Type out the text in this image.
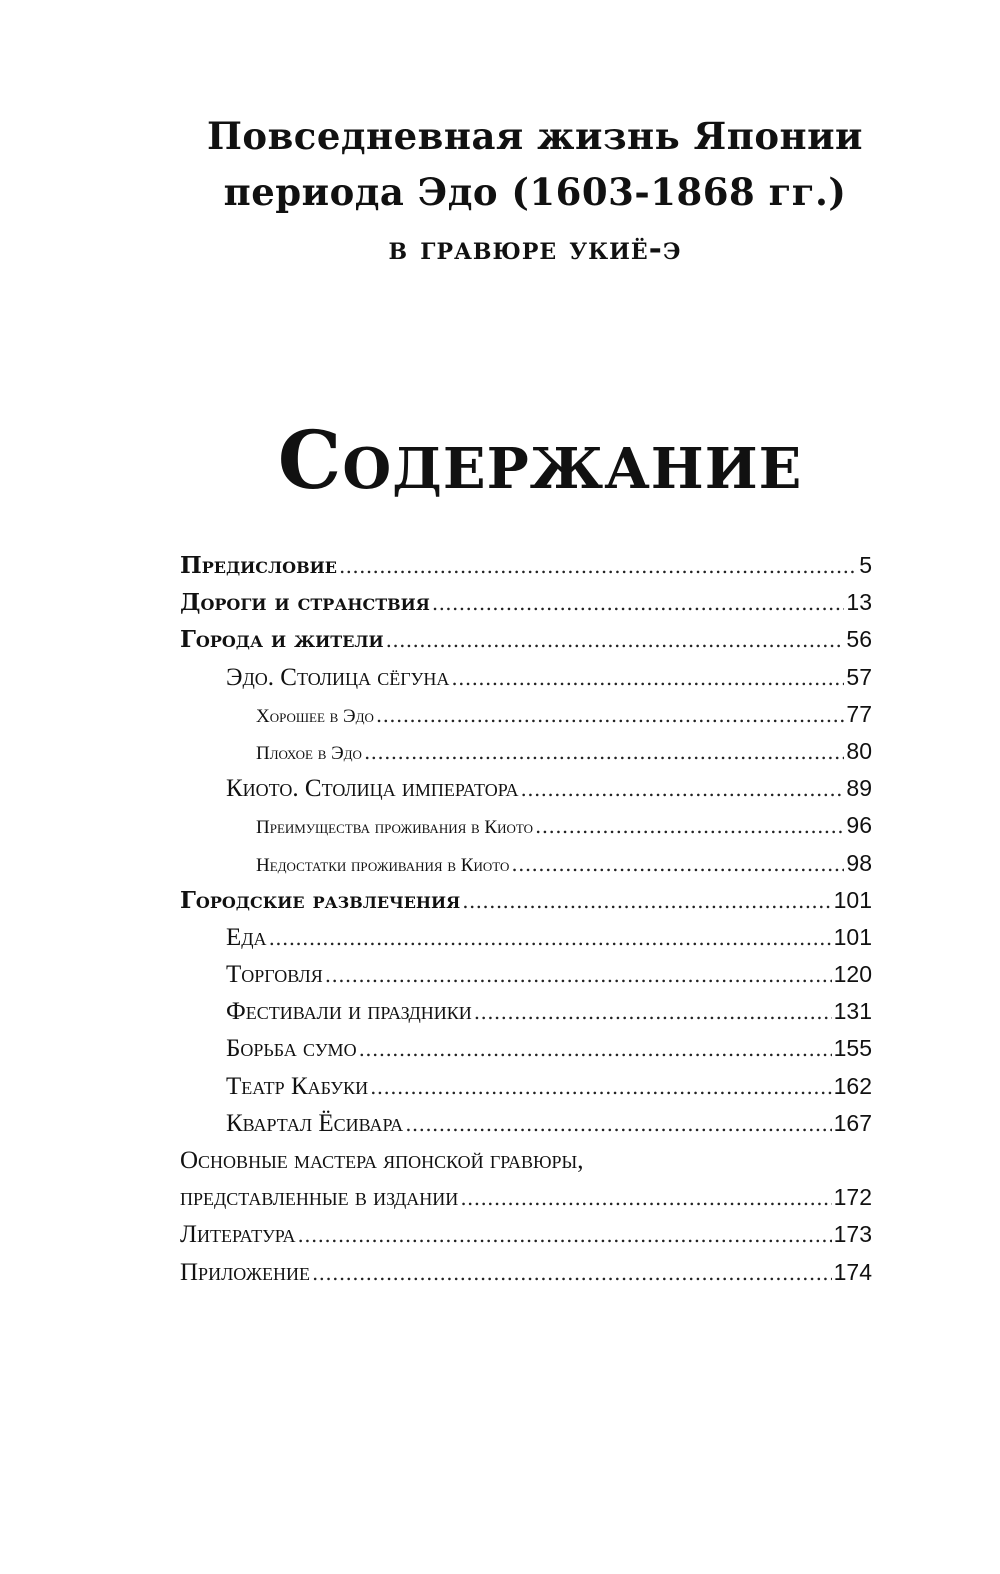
Повседневная жизнь Японии
периода Эдо (1603-1868 гг.)
в гравюре укиё-э
Содержание
Предисловие . . .	5
Дороги и странствия . . .	13
Города и жители . . .	56
Эдо. Столица сёгуна . . .	57
Хорошее в Эдо . . .	77
Плохое в Эдо . . .	80
Киото. Столица императора . . .	89
Преимущества проживания в Киото . . .	96
Недостатки проживания в Киото . . .	98
Городские развлечения . . .	101
Еда . . .	101
Торговля . . .	120
Фестивали и праздники . . .	131
Борьба сумо . . .	155
Театр Кабуки . . .	162
Квартал Ёсивара . . .	167
Основные мастера японской гравюры,
представленные в издании . . .	172
Литература . . .	173
Приложение . . .	174
